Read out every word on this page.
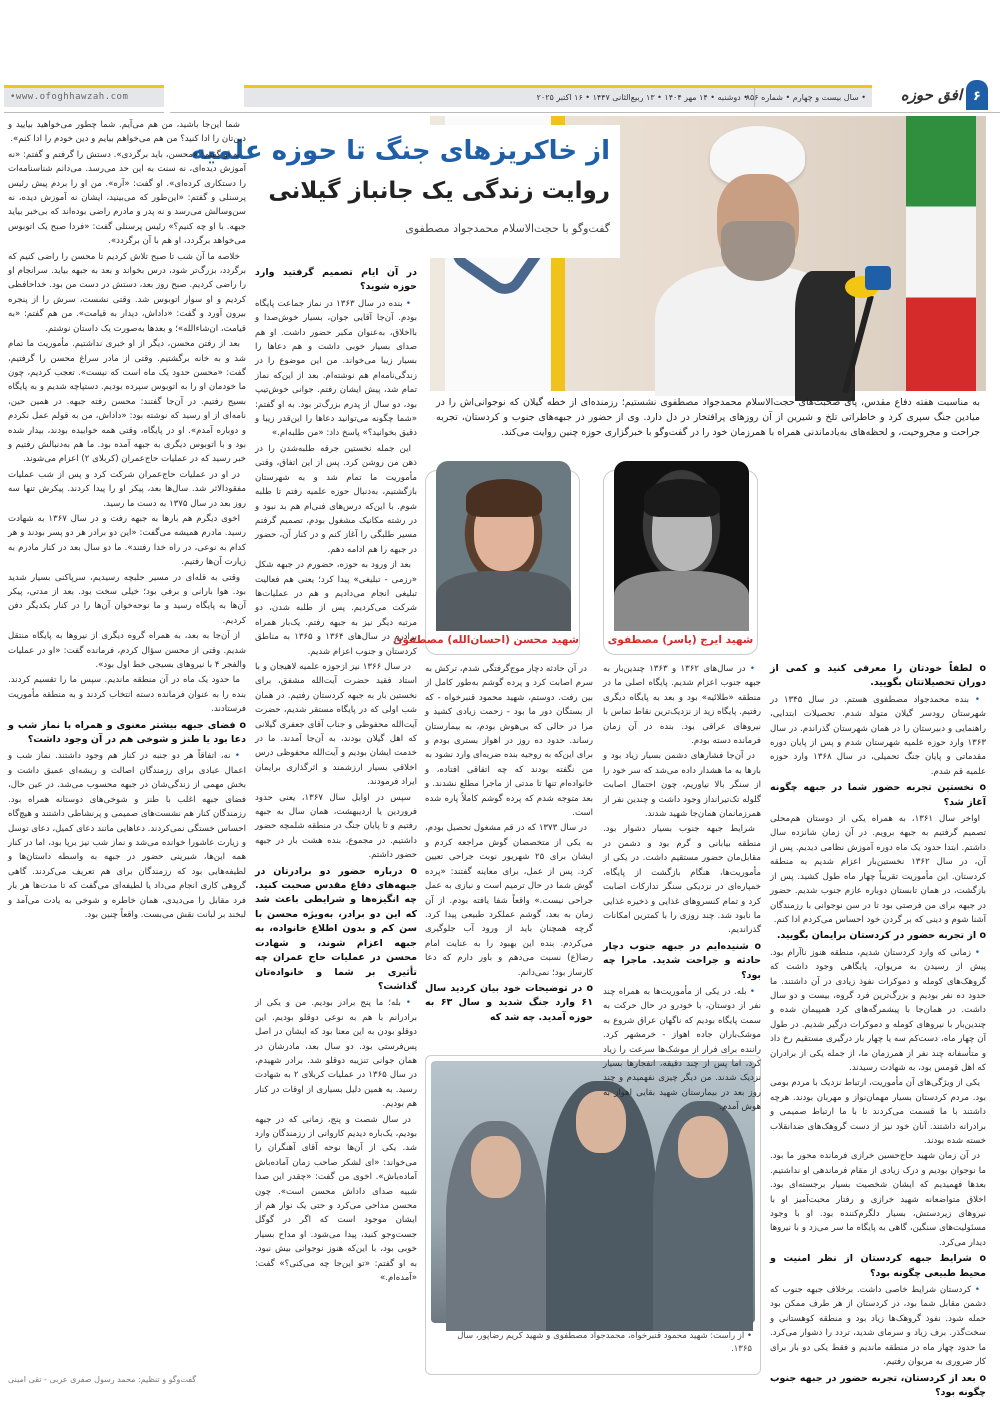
۶
افق حوزه
• سال بیست و چهارم • شماره ۸۵۶
• دوشنبه • ۱۴ مهر ۱۴۰۴ • ۱۳ ربیع‌الثانی ۱۴۴۷ • ۱۶ اکتبر ۲۰۲۵
•www.ofoghhawzah.com
از خاکریزهای جنگ تا حوزه علمیه
روایت زندگی یک جانباز گیلانی
گفت‌وگو با حجت‌الاسلام محمدجواد مصطفوی
به مناسبت هفته دفاع مقدس، پای صحبت‌های حجت‌الاسلام محمدجواد مصطفوی نشستیم؛ رزمنده‌ای از خطه گیلان که نوجوانی‌اش را در میادین جنگ سپری کرد و خاطراتی تلخ و شیرین از آن روزهای پرافتخار در دل دارد. وی از حضور در جبهه‌های جنوب و کردستان، تجربه جراحت و مجروحیت، و لحظه‌های به‌یادماندنی همراه با همرزمان خود را در گفت‌وگو با خبرگزاری حوزه چنین روایت می‌کند.
شهید ایرج (یاسر) مصطفوی
شهید محسن (احسان‌الله) مصطفوی
• از راست: شهید محمود قنبرخواه، محمدجواد مصطفوی و شهید کریم رضاپور، سال ۱۳۶۵.

ο لطفاً خودتان را معرفی کنید و کمی از دوران تحصیلاتتان بگویید.

• بنده محمدجواد مصطفوی هستم. در سال ۱۳۴۵ در شهرستان رودسر گیلان متولد شدم. تحصیلات ابتدایی، راهنمایی و دبیرستان را در همان شهرستان گذراندم. در سال ۱۳۶۳ وارد حوزه علمیه شهرستان شدم و پس از پایان دوره مقدماتی و پایان جنگ تحمیلی، در سال ۱۳۶۸ وارد حوزه علمیه قم شدم.

ο نخستین تجربه حضور شما در جبهه چگونه آغاز شد؟

اواخر سال ۱۳۶۱، به همراه یکی از دوستان هم‌محلی تصمیم گرفتیم به جبهه برویم. در آن زمان شانزده سال داشتم. ابتدا حدود یک ماه دوره آموزش نظامی دیدیم. پس از آن، در سال ۱۳۶۲ نخستین‌بار اعزام شدیم به منطقه کردستان. این مأموریت تقریباً چهار ماه طول کشید. پس از بازگشت، در همان تابستان دوباره عازم جنوب شدیم. حضور در جبهه برای من فرصتی بود تا در سن نوجوانی با رزمندگان آشنا شوم و دینی که بر گردن خود احساس می‌کردم ادا کنم.

ο از تجربه حضور در کردستان برایمان بگویید.

• زمانی که وارد کردستان شدیم، منطقه هنوز ناآرام بود. پیش از رسیدن به مریوان، پایگاهی وجود داشت که گروهک‌های کومله و دموکرات نفوذ زیادی در آن داشتند. ما حدود ده نفر بودیم و بزرگ‌ترین فرد گروه، بیست و دو سال داشت. در همان‌جا با پیشمرگه‌های کرد همپیمان شده و چندین‌بار با نیروهای کومله و دموکرات درگیر شدیم. در طول آن چهار ماه، دست‌کم سه یا چهار بار درگیری مستقیم رخ داد و متأسفانه چند نفر از همرزمان ما، از جمله یکی از برادران که اهل قومس بود، به شهادت رسیدند.

یکی از ویژگی‌های آن مأموریت، ارتباط نزدیک با مردم بومی بود. مردم کردستان بسیار مهمان‌نواز و مهربان بودند. هرچه داشتند با ما قسمت می‌کردند تا با ما ارتباط صمیمی و برادرانه داشتند. آنان خود نیز از دست گروهک‌های ضدانقلاب خسته شده بودند.

در آن زمان شهید حاج‌حسین خرازی فرمانده محور ما بود. ما نوجوان بودیم و درک زیادی از مقام فرماندهی او نداشتیم. بعدها فهمیدیم که ایشان شخصیت بسیار برجسته‌ای بود. اخلاق متواضعانه شهید خرازی و رفتار محبت‌آمیز او با نیروهای زیردستش، بسیار دلگرم‌کننده بود. او با وجود مسئولیت‌های سنگین، گاهی به پایگاه ما سر می‌زد و با نیروها دیدار می‌کرد.

ο شرایط جبهه کردستان از نظر امنیت و محیط طبیعی چگونه بود؟

• کردستان شرایط خاصی داشت. برخلاف جبهه جنوب که دشمن مقابل شما بود، در کردستان از هر طرف ممکن بود حمله شود. نفوذ گروهک‌ها زیاد بود و منطقه کوهستانی و سخت‌گذر. برف زیاد و سرمای شدید، تردد را دشوار می‌کرد. ما حدود چهار ماه در منطقه ماندیم و فقط یکی دو بار برای کار ضروری به مریوان رفتیم.

ο بعد از کردستان، تجربه حضور در جبهه جنوب چگونه بود؟

• در سال‌های ۱۳۶۲ و ۱۳۶۳ چندین‌بار به جبهه جنوب اعزام شدیم. پایگاه اصلی ما در منطقه «طلائیه» بود و بعد به پایگاه دیگری رفتیم. پایگاه زید از نزدیک‌ترین نقاط تماس با نیروهای عراقی بود. بنده در آن زمان فرمانده دسته بودم.

در آن‌جا فشارهای دشمن بسیار زیاد بود و بارها به ما هشدار داده می‌شد که سر خود را از سنگر بالا نیاوریم، چون احتمال اصابت گلوله تک‌تیرانداز وجود داشت و چندین نفر از همرزمانمان همان‌جا شهید شدند.

شرایط جبهه جنوب بسیار دشوار بود. منطقه بیابانی و گرم بود و دشمن در مقابل‌مان حضور مستقیم داشت. در یکی از مأموریت‌ها، هنگام بازگشت از پایگاه، خمپاره‌ای در نزدیکی سنگر تدارکات اصابت کرد و تمام کنسروهای غذایی و ذخیره غذایی ما نابود شد. چند روزی را با کمترین امکانات گذراندیم.

ο شنیده‌ایم در جبهه جنوب دچار حادثه و جراحت شدید. ماجرا چه بود؟

• بله. در یکی از مأموریت‌ها به همراه چند نفر از دوستان، با خودرو در حال حرکت به سمت پایگاه بودیم که ناگهان عراق شروع به موشک‌باران جاده اهواز - خرمشهر کرد. راننده برای فرار از موشک‌ها سرعت را زیاد کرد، اما پس از چند دقیقه، انفجارها بسیار نزدیک شدند. من دیگر چیزی نفهمیدم و چند روز بعد در بیمارستان شهید بقایی اهواز به هوش آمدم.

در آن حادثه دچار موج‌گرفتگی شدم، ترکش به سرم اصابت کرد و پرده گوشم به‌طور کامل از بین رفت. دوستم، شهید محمود قنبرخواه - که از بستگان دور ما بود - زحمت زیادی کشید و مرا در حالی که بی‌هوش بودم، به بیمارستان رساند. حدود ده روز در اهواز بستری بودم و برای این‌که به روحیه بنده ضربه‌ای وارد نشود به من نگفته بودند که چه اتفاقی افتاده، و خانواده‌ام تنها تا مدتی از ماجرا مطلع نشدند. و بعد متوجه شدم که پرده گوشم کاملاً پاره شده است.

در سال ۱۳۷۳ که در قم مشغول تحصیل بودم، به یکی از متخصصان گوش مراجعه کردم و ایشان برای ۲۵ شهریور نوبت جراحی تعیین کرد. پس از عمل، برای معاینه گفتند: «پرده گوش شما در حال ترمیم است و نیازی به عمل جراحی نیست.» واقعاً شفا یافته بودم. از آن زمان به بعد، گوشم عملکرد طبیعی پیدا کرد. گرچه همچنان باید از ورود آب جلوگیری می‌کردم. بنده این بهبود را به عنایت امام رضا(ع) نسبت می‌دهم و باور دارم که دعا کارساز بود؛ نمی‌دانم.

ο در توضیحات خود بیان کردید سال ۶۱ وارد جنگ شدید و سال ۶۳ به حوزه آمدید. چه شد که

در آن ایام تصمیم گرفتید وارد حوزه شوید؟

• بنده در سال ۱۳۶۳ در نماز جماعت پایگاه بودم. آن‌جا آقایی جوان، بسیار خوش‌صدا و بااخلاق، به‌عنوان مکبر حضور داشت. او هم صدای بسیار خوبی داشت و هم دعاها را بسیار زیبا می‌خواند. من این موضوع را در زندگی‌نامه‌ام هم نوشته‌ام. بعد از این‌که نماز تمام شد، پیش ایشان رفتم. جوانی خوش‌تیپ بود، دو سال از پدرم بزرگ‌تر بود. به او گفتم: «شما چگونه می‌توانید دعاها را این‌قدر زیبا و دقیق بخوانید؟» پاسخ داد: «من طلبه‌ام.»

این جمله نخستین جرقه طلبه‌شدن را در ذهن من روشن کرد. پس از این اتفاق، وقتی مأموریت ما تمام شد و به شهرستان بازگشتیم، به‌دنبال حوزه علمیه رفتم تا طلبه شوم. با این‌که درس‌های فنی‌ام هم بد نبود و در رشته مکانیک مشغول بودم، تصمیم گرفتم مسیر طلبگی را آغاز کنم و در کنار آن، حضور در جبهه را هم ادامه دهم.

بعد از ورود به حوزه، حضورم در جبهه شکل «رزمی - تبلیغی» پیدا کرد؛ یعنی هم فعالیت تبلیغی انجام می‌دادیم و هم در عملیات‌ها شرکت می‌کردیم. پس از طلبه شدن، دو مرتبه دیگر نیز به جبهه رفتم. یک‌بار همراه برادرم در سال‌های ۱۳۶۴ و ۱۳۶۵ به مناطق کردستان و جنوب اعزام شدیم.

در سال ۱۳۶۶ نیز ازحوزه علمیه لاهیجان و با استاد فقید حضرت آیت‌الله مشفق، برای نخستین بار به جبهه کردستان رفتیم. در همان شب اولی که در پایگاه مستقر شدیم، حضرت آیت‌الله محفوظی و جناب آقای جعفری گیلانی که اهل گیلان بودند، به آن‌جا آمدند. ما در خدمت ایشان بودیم و آیت‌الله محفوظی درس اخلاقی بسیار ارزشمند و اثرگذاری برایمان ایراد فرمودند.

سپس در اوایل سال ۱۳۶۷، یعنی حدود فروردین یا اردیبهشت، همان سال به جبهه رفتیم و تا پایان جنگ در منطقه شلمچه حضور داشتیم. در مجموع، بنده هشت بار در جبهه حضور داشتم.

ο درباره حضور دو برادرتان در جبهه‌های دفاع مقدس صحبت کنید. چه انگیزه‌ها و شرایطی باعث شد که این دو برادر، به‌ویژه محسن با سن کم و بدون اطلاع خانواده، به جبهه اعزام شوند، و شهادت محسن در عملیات حاج عمران چه تأثیری بر شما و خانواده‌تان گذاشت؟

• بله؛ ما پنج برادر بودیم. من و یکی از برادرانم با هم به نوعی دوقلو بودیم. این دوقلو بودن به این معنا بود که ایشان در اصل پس‌فرستی بود. دو سال بعد، مادرشان در همان جوانی تنزیبه دوقلو شد. برادر شهیدم، در سال ۱۳۶۵ در عملیات کربلای ۲ به شهادت رسید. به همین دلیل بسیاری از اوقات در کنار هم بودیم.

در سال شصت و پنج، زمانی که در جبهه بودیم، یک‌باره دیدیم کاروانی از رزمندگان وارد شد. یکی از آن‌ها نوحه آقای آهنگران را می‌خواند: «ای لشکر صاحب زمان آماده‌باش آماده‌باش». اخوی من گفت: «چقدر این صدا شبیه صدای داداش محسن است». چون محسن مداحی می‌کرد و حتی یک نوار هم از ایشان موجود است که اگر در گوگل جست‌وجو کنید، پیدا می‌شود. او مداح بسیار خوبی بود، با این‌که هنوز نوجوانی بیش نبود. به او گفتم: «تو این‌جا چه می‌کنی؟» گفت: «آمده‌ام.»

شما این‌جا باشید، من هم می‌آیم. شما چطور می‌خواهید بیایید و دین‌تان را ادا کنید؟ من هم می‌خواهم بیایم و دین خودم را ادا کنم».

به او گفتم: «محسن، باید برگردی». دستش را گرفتم و گفتم: «نه آموزش دیده‌ای، نه سنت به این حد می‌رسد. می‌دانم شناسنامه‌ات را دستکاری کرده‌ای». او گفت: «آره». من او را بردم پیش رئیس پرسنلی و گفتم: «این‌طور که می‌بینید، ایشان نه آموزش دیده، نه سن‌وسالش می‌رسد و نه پدر و مادرم راضی بوده‌اند که بی‌خبر بیاید جبهه. با او چه کنیم؟» رئیس پرسنلی گفت: «فردا صبح یک اتوبوس می‌خواهد برگردد، او هم با آن برگردد».

خلاصه ما آن شب تا صبح تلاش کردیم تا محسن را راضی کنیم که برگردد، بزرگ‌تر شود، درس بخواند و بعد به جبهه بیاید. سرانجام او را راضی کردیم. صبح روز بعد، دستش در دست من بود. خداحافظی کردیم و او سوار اتوبوس شد. وقتی نشست، سرش را از پنجره بیرون آورد و گفت: «داداش، دیدار به قیامت». من هم گفتم: «به قیامت، ان‌شاءالله»؛ و بعدها به‌صورت یک داستان نوشتم.

بعد از رفتن محسن، دیگر از او خبری نداشتیم. مأموریت ما تمام شد و به خانه برگشتیم. وقتی از مادر سراغ محسن را گرفتیم، گفت: «محسن حدود یک ماه است که نیست». تعجب کردیم، چون ما خودمان او را به اتوبوس سپرده بودیم. دستپاچه شدیم و به پایگاه بسیج رفتیم. در آن‌جا گفتند: محسن رفته جبهه. در همین حین، نامه‌ای از او رسید که نوشته بود: «داداش، من به قولم عمل نکردم و دوباره آمدم». او در پایگاه، وقتی همه خوابیده بودند، بیدار شده بود و با اتوبوس دیگری به جبهه آمده بود. ما هم به‌دنبالش رفتیم و خبر رسید که در عملیات حاج‌عمران (کربلای ۲) اعزام می‌شوند.

در او در عملیات حاج‌عمران شرکت کرد و پس از شب عملیات مفقودالاثر شد. سال‌ها بعد، پیکر او را پیدا کردند. پیکرش تنها سه روز بعد در سال ۱۳۷۵ به دست ما رسید.

اخوی دیگرم هم بارها به جبهه رفت و در سال ۱۳۶۷ به شهادت رسید. مادرم همیشه می‌گفت: «این دو برادر هر دو پسر بودند و هر کدام به نوعی، در راه خدا رفتند». ما دو سال بعد در کنار مادرم به زیارت آن‌ها رفتیم.

وقتی به قله‌ای در مسیر حلبچه رسیدیم، سرپاکنی بسیار شدید بود. هوا بارانی و برفی بود؛ خیلی سخت بود. بعد از مدتی، پیکر آن‌ها به پایگاه رسید و ما نوحه‌خوان آن‌ها را در کنار یکدیگر دفن کردیم.

از آن‌جا به بعد، به همراه گروه دیگری از نیروها به پایگاه منتقل شدیم. وقتی از محسن سؤال کردم، فرمانده گفت: «او در عملیات والفجر ۴ با نیروهای بسیجی خط اول بود».

ما حدود یک ماه در آن منطقه ماندیم. سپس ما را تقسیم کردند. بنده را به عنوان فرمانده دسته انتخاب کردند و به منطقه مأموریت فرستادند.

ο فضای جبهه بیشتر معنوی و همراه با نماز شب و دعا بود یا طنز و شوخی هم در آن وجود داشت؟

• نه، اتفاقاً هر دو جنبه در کنار هم وجود داشتند. نماز شب و اعمال عبادی برای رزمندگان اصالت و ریشه‌ای عمیق داشت و بخش مهمی از زندگی‌شان در جبهه محسوب می‌شد. در عین حال، فضای جبهه اغلب با طنز و شوخی‌های دوستانه همراه بود. رزمندگان کنار هم نشست‌های صمیمی و پرنشاطی داشتند و هیچ‌گاه احساس خستگی نمی‌کردند. دعاهایی مانند دعای کمیل، دعای توسل و زیارت عاشورا خوانده می‌شد و نماز شب نیز برپا بود، اما در کنار همه این‌ها، شیرینی حضور در جبهه به واسطه داستان‌ها و لطیفه‌هایی بود که رزمندگان برای هم تعریف می‌کردند. گاهی گروهی کاری انجام می‌داد یا لطیفه‌ای می‌گفت که تا مدت‌ها هر بار فرد مقابل را می‌دیدی، همان خاطره و شوخی به یادت می‌آمد و لبخند بر لبانت نقش می‌بست. واقعاً چنین بود.

گفت‌وگو و تنظیم: محمد رسول صفری عربی - تقی امینی
